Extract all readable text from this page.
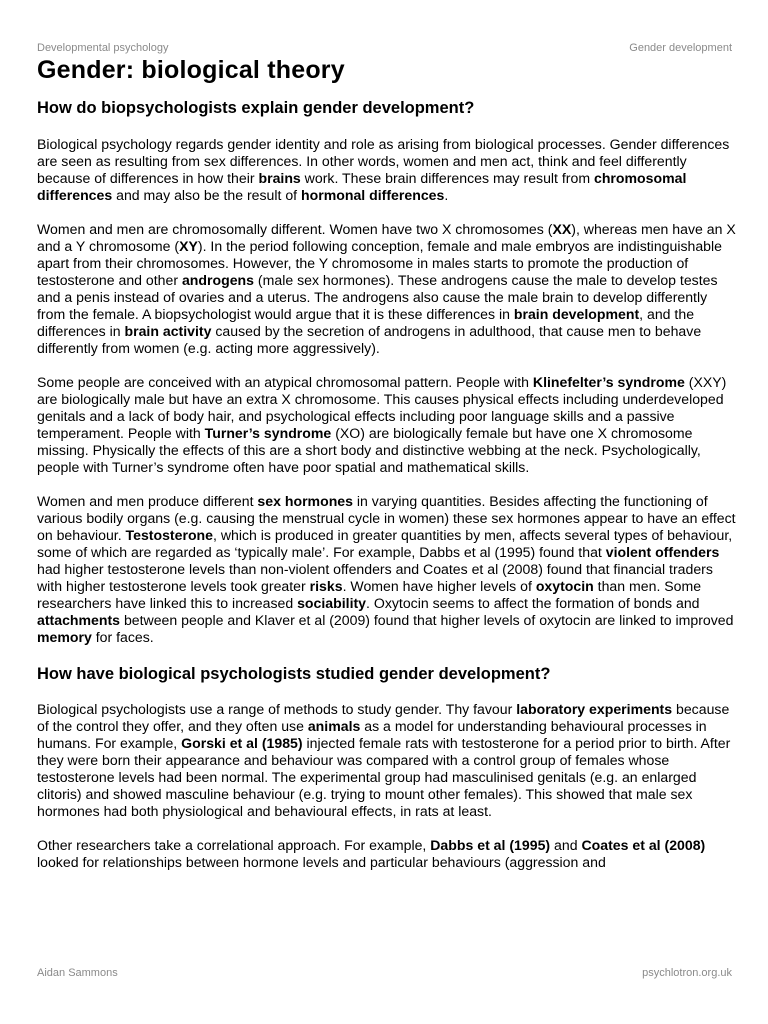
Developmental psychology	Gender development
Gender: biological theory
How do biopsychologists explain gender development?

Biological psychology regards gender identity and role as arising from biological processes. Gender differences are seen as resulting from sex differences. In other words, women and men act, think and feel differently because of differences in how their brains work. These brain differences may result from chromosomal differences and may also be the result of hormonal differences.

Women and men are chromosomally different. Women have two X chromosomes (XX), whereas men have an X and a Y chromosome (XY). In the period following conception, female and male embryos are indistinguishable apart from their chromosomes. However, the Y chromosome in males starts to promote the production of testosterone and other androgens (male sex hormones). These androgens cause the male to develop testes and a penis instead of ovaries and a uterus. The androgens also cause the male brain to develop differently from the female. A biopsychologist would argue that it is these differences in brain development, and the differences in brain activity caused by the secretion of androgens in adulthood, that cause men to behave differently from women (e.g. acting more aggressively).

Some people are conceived with an atypical chromosomal pattern. People with Klinefelter’s syndrome (XXY) are biologically male but have an extra X chromosome. This causes physical effects including underdeveloped genitals and a lack of body hair, and psychological effects including poor language skills and a passive temperament. People with Turner’s syndrome (XO) are biologically female but have one X chromosome missing. Physically the effects of this are a short body and distinctive webbing at the neck. Psychologically, people with Turner’s syndrome often have poor spatial and mathematical skills.

Women and men produce different sex hormones in varying quantities. Besides affecting the functioning of various bodily organs (e.g. causing the menstrual cycle in women) these sex hormones appear to have an effect on behaviour. Testosterone, which is produced in greater quantities by men, affects several types of behaviour, some of which are regarded as ‘typically male’. For example, Dabbs et al (1995) found that violent offenders had higher testosterone levels than non-violent offenders and Coates et al (2008) found that financial traders with higher testosterone levels took greater risks. Women have higher levels of oxytocin than men. Some researchers have linked this to increased sociability. Oxytocin seems to affect the formation of bonds and attachments between people and Klaver et al (2009) found that higher levels of oxytocin are linked to improved memory for faces.

How have biological psychologists studied gender development?

Biological psychologists use a range of methods to study gender. Thy favour laboratory experiments because of the control they offer, and they often use animals as a model for understanding behavioural processes in humans. For example, Gorski et al (1985) injected female rats with testosterone for a period prior to birth. After they were born their appearance and behaviour was compared with a control group of females whose testosterone levels had been normal. The experimental group had masculinised genitals (e.g. an enlarged clitoris) and showed masculine behaviour (e.g. trying to mount other females). This showed that male sex hormones had both physiological and behavioural effects, in rats at least.

Other researchers take a correlational approach. For example, Dabbs et al (1995) and Coates et al (2008) looked for relationships between hormone levels and particular behaviours (aggression and

Aidan Sammons	psychlotron.org.uk
